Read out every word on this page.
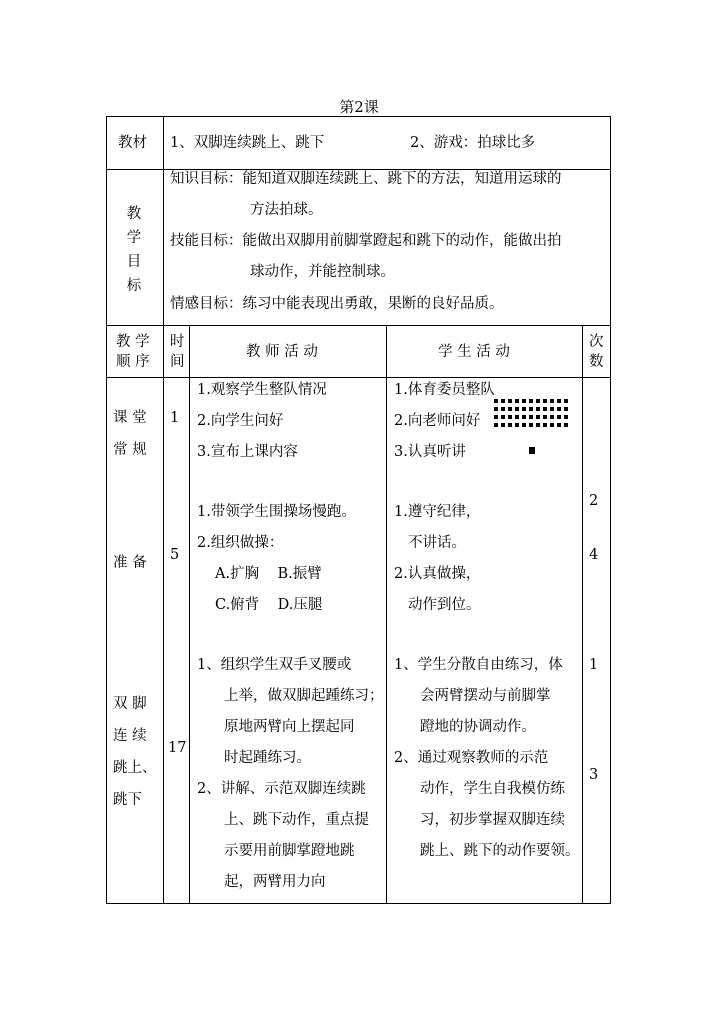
第2课
教材 1、双脚连续跳上、跳下	2、游戏：拍球比多
教
学
目
标
知识目标：能知道双脚连续跳上、跳下的方法，知道用运球的
方法拍球。
技能目标：能做出双脚用前脚掌蹬起和跳下的动作，能做出拍
球动作，并能控制球。
情感目标：练习中能表现出勇敢，果断的良好品质。
教 学
顺 序
时
间
教 师 活 动	学 生 活 动
次
数
课 堂
常 规
1
1.观察学生整队情况
2.向学生问好
3.宣布上课内容
1.体育委员整队
2.向老师问好
3.认真听讲
准 备 5
1.带领学生围操场慢跑。
2.组织做操：
A.扩胸    B.振臂
C.俯背    D.压腿
1.遵守纪律，
不讲话。
2.认真做操，
动作到位。
2
4
双 脚
连 续
跳上、
跳下
17
1、组织学生双手叉腰或
上举，做双脚起踵练习；
原地两臂向上摆起同
时起踵练习。
2、讲解、示范双脚连续跳
上、跳下动作，重点提
示要用前脚掌蹬地跳
起，两臂用力向
1、学生分散自由练习，体
会两臂摆动与前脚掌
蹬地的协调动作。
2、通过观察教师的示范
动作，学生自我模仿练
习，初步掌握双脚连续
跳上、跳下的动作要领。
1
3
